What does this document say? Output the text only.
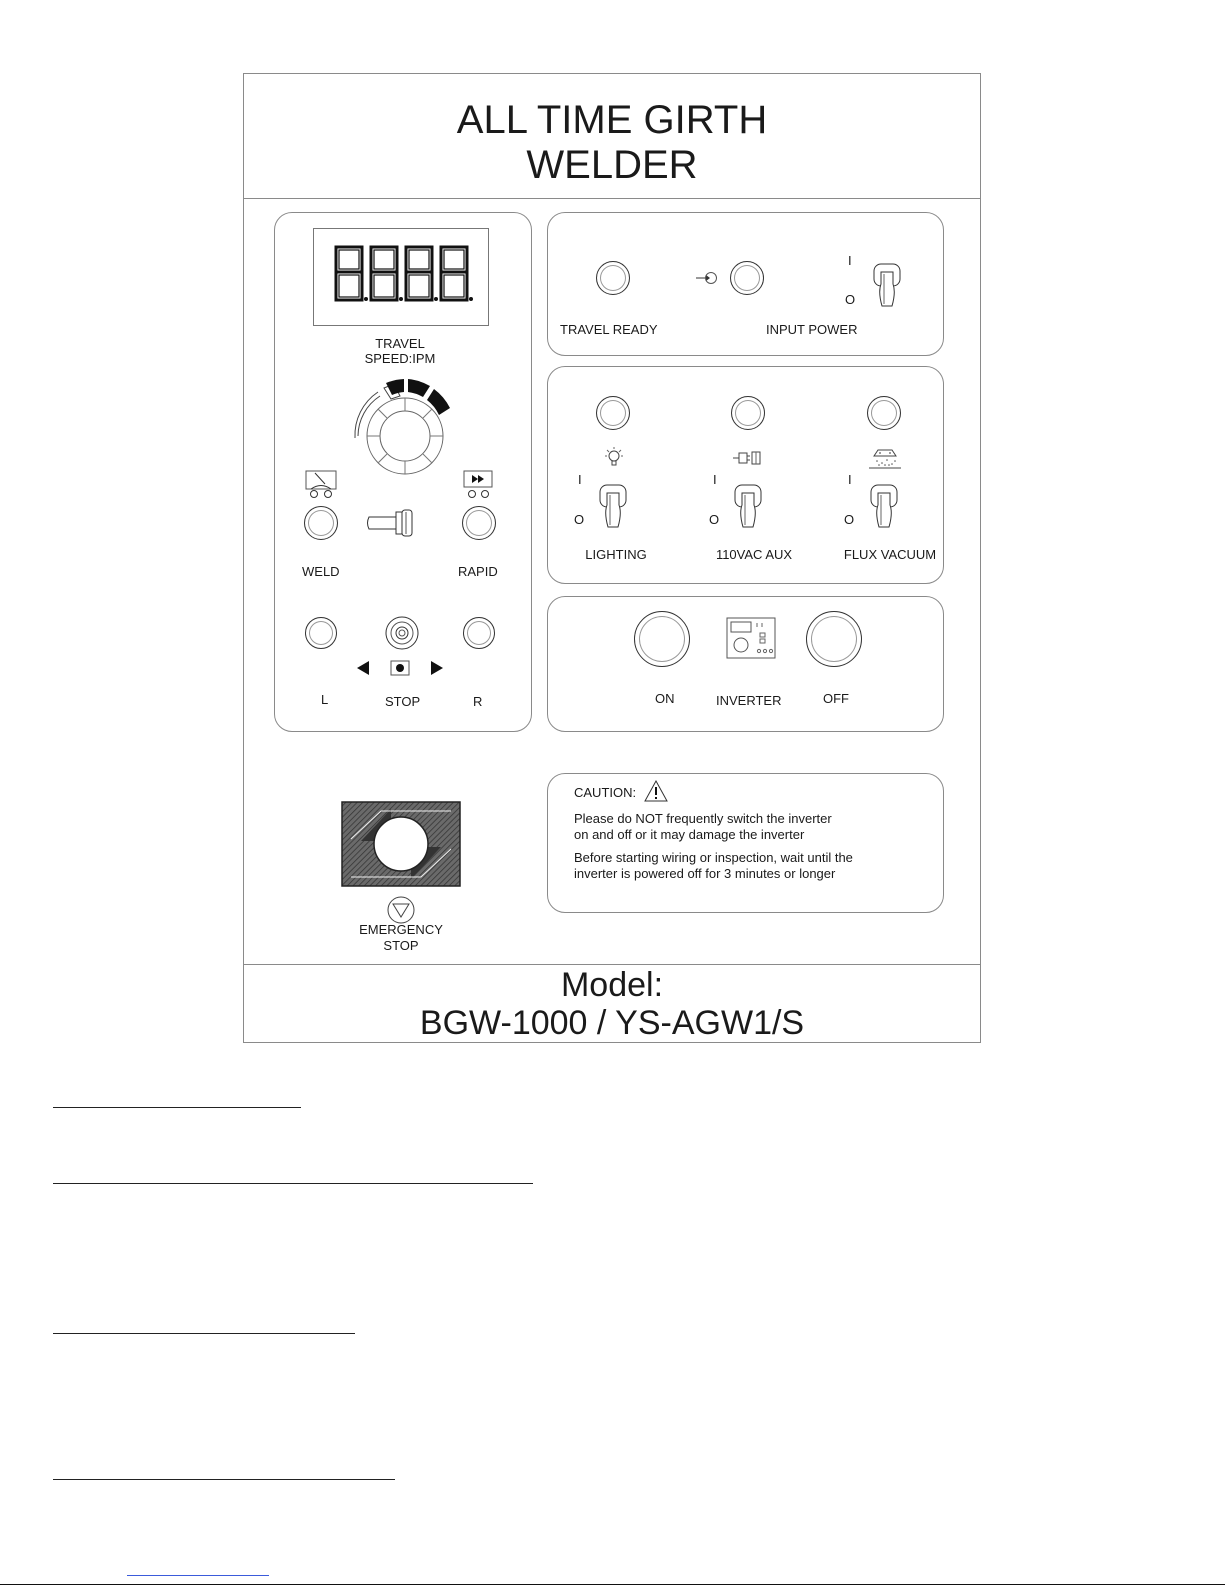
ALL TIME GIRTH
WELDER
TRAVEL
SPEED:IPM
WELD	RAPID
L	STOP	R
I
O
TRAVEL READY	INPUT POWER
I
O
I
O
I
O
LIGHTING	110VAC AUX	FLUX VACUUM
ON	INVERTER	OFF
CAUTION:
Please do NOT frequently switch the inverter
on and off or it may damage the inverter
Before starting wiring or inspection, wait until the
inverter is powered off for 3 minutes or longer
EMERGENCY
STOP
Model:
BGW-1000 / YS-AGW1/S
